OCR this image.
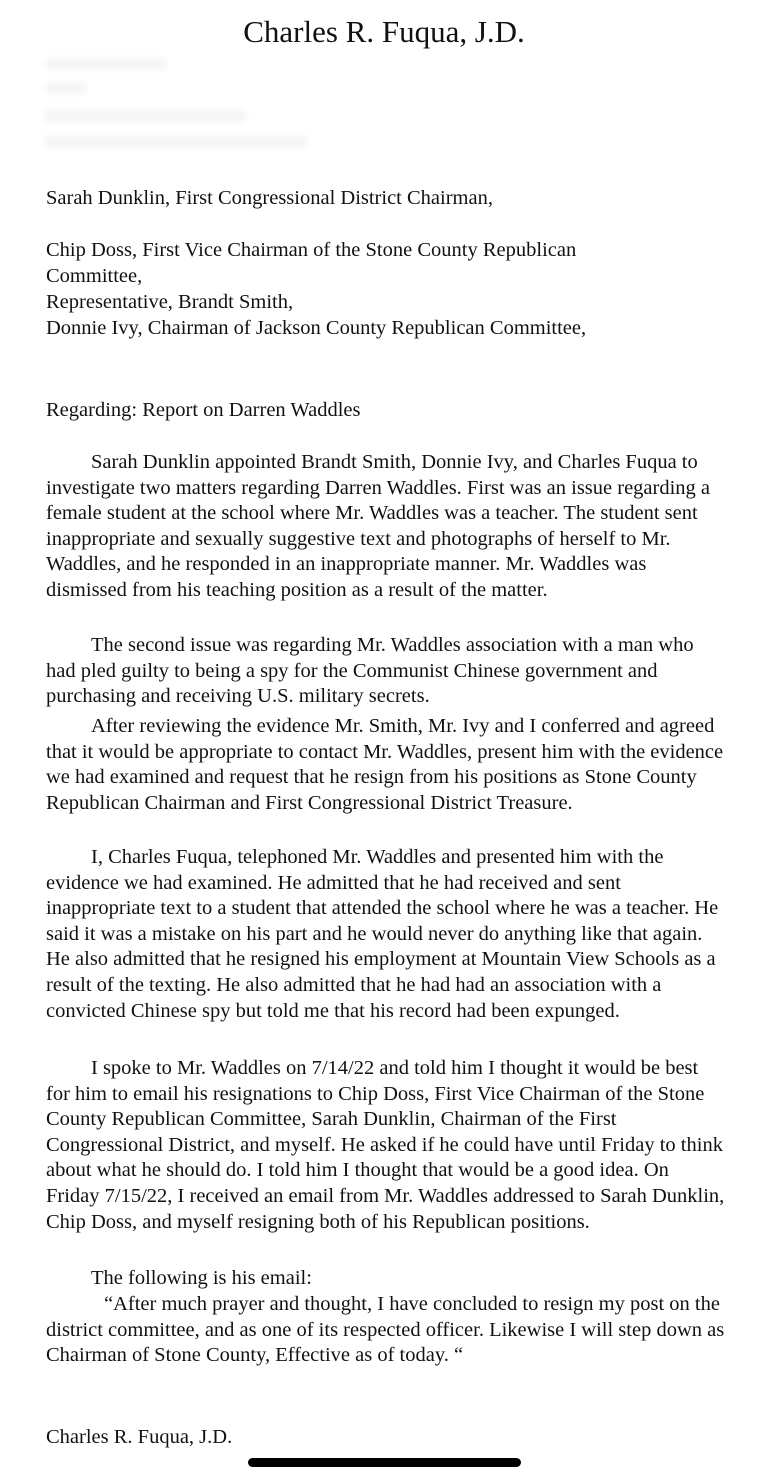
Charles R. Fuqua, J.D.
Sarah Dunklin, First Congressional District Chairman,
Chip Doss, First Vice Chairman of the Stone County Republican
Committee,
Representative, Brandt Smith,
Donnie Ivy, Chairman of Jackson County Republican Committee,
Regarding: Report on Darren Waddles
Sarah Dunklin appointed Brandt Smith, Donnie Ivy, and Charles Fuqua to investigate two matters regarding Darren Waddles. First was an issue regarding a female student at the school where Mr. Waddles was a teacher. The student sent inappropriate and sexually suggestive text and photographs of herself to Mr. Waddles, and he responded in an inappropriate manner. Mr. Waddles was dismissed from his teaching position as a result of the matter.
The second issue was regarding Mr. Waddles association with a man who had pled guilty to being a spy for the Communist Chinese government and purchasing and receiving U.S. military secrets.
After reviewing the evidence Mr. Smith, Mr. Ivy and I conferred and agreed that it would be appropriate to contact Mr. Waddles, present him with the evidence we had examined and request that he resign from his positions as Stone County Republican Chairman and First Congressional District Treasure.
I, Charles Fuqua, telephoned Mr. Waddles and presented him with the evidence we had examined. He admitted that he had received and sent inappropriate text to a student that attended the school where he was a teacher. He said it was a mistake on his part and he would never do anything like that again. He also admitted that he resigned his employment at Mountain View Schools as a result of the texting. He also admitted that he had had an association with a convicted Chinese spy but told me that his record had been expunged.
I spoke to Mr. Waddles on 7/14/22 and told him I thought it would be best for him to email his resignations to Chip Doss, First Vice Chairman of the Stone County Republican Committee, Sarah Dunklin, Chairman of the First Congressional District, and myself. He asked if he could have until Friday to think about what he should do. I told him I thought that would be a good idea. On Friday 7/15/22, I received an email from Mr. Waddles addressed to Sarah Dunklin, Chip Doss, and myself resigning both of his Republican positions.
The following is his email:
“After much prayer and thought, I have concluded to resign my post on the district committee, and as one of its respected officer. Likewise I will step down as Chairman of Stone County, Effective as of today. “
Charles R. Fuqua, J.D.
